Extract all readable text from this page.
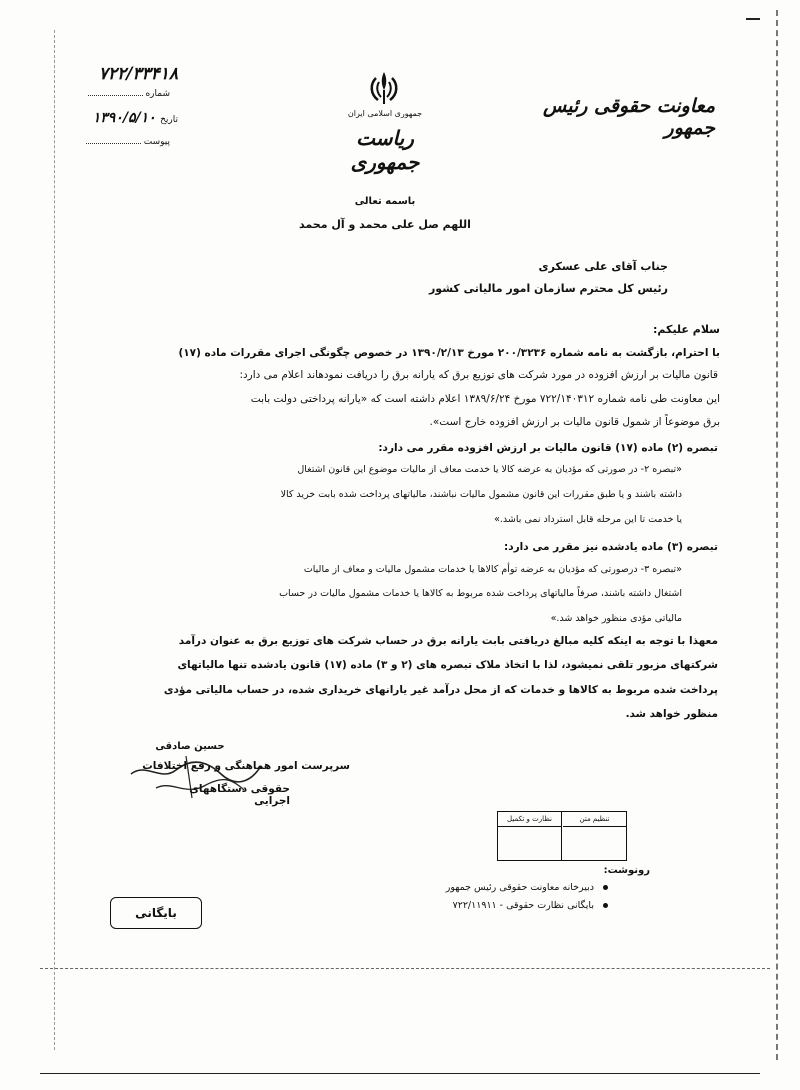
۷۲۲/۳۳۴۱۸
شماره
تاریخ ۱۳۹۰/۵/۱۰
پیوست
جمهوری اسلامی ایران
ریاست جمهوری
معاونت حقوقی رئیس جمهور
باسمه تعالی
اللهم صل علی محمد و آل محمد
جناب آقای علی عسکری
رئیس کل محترم سازمان امور مالیاتی کشور
سلام علیکم:
با احترام، بازگشت به نامه شماره ۲۰۰/۳۲۳۶ مورخ ۱۳۹۰/۲/۱۳ در خصوص چگونگی اجرای مقررات ماده (۱۷)
قانون مالیات بر ارزش افزوده در مورد شرکت های توزیع برق که یارانه برق را دریافت نمودهاند اعلام می دارد:
این معاونت طی نامه شماره ۷۲۲/۱۴۰۳۱۲ مورخ ۱۳۸۹/۶/۲۴ اعلام داشته است که «یارانه پرداختی دولت بابت
برق موضوعاً از شمول قانون مالیات بر ارزش افزوده خارج است».
تبصره (۲) ماده (۱۷) قانون مالیات بر ارزش افزوده مقرر می دارد:
«تبصره ۲- در صورتی که مؤدیان به عرضه کالا یا خدمت معاف از مالیات موضوع این قانون اشتغال
داشته باشند و یا طبق مقررات این قانون مشمول مالیات نباشند، مالیاتهای پرداخت شده بابت خرید کالا
یا خدمت تا این مرحله قابل استرداد نمی باشد.»
تبصره (۳) ماده یادشده نیز مقرر می دارد:
«تبصره ۳- درصورتی که مؤدیان به عرضه توأم کالاها یا خدمات مشمول مالیات و معاف از مالیات
اشتغال داشته باشند، صرفاً مالیاتهای پرداخت شده مربوط به کالاها یا خدمات مشمول مالیات در حساب
مالیاتی مؤدی منظور خواهد شد.»
معهذا با توجه به اینکه کلیه مبالغ دریافتی بابت یارانه برق در حساب شرکت های توزیع برق به عنوان درآمد
شرکتهای مزبور تلقی نمیشود، لذا با اتخاذ ملاک تبصره های (۲ و ۳) ماده (۱۷) قانون یادشده تنها مالیاتهای
پرداخت شده مربوط به کالاها و خدمات که از محل درآمد غیر یارانهای خریداری شده، در حساب مالیاتی مؤدی
منظور خواهد شد.
حسین صادقی
سرپرست امور هماهنگی و رفع اختلافات
حقوقی دستگاههای اجرایی
نظارت و تکمیل	تنظیم متن
رونوشت:
دبیرخانه معاونت حقوقی رئیس جمهور
بایگانی نظارت حقوقی - ۷۲۲/۱۱۹۱۱
بایگانی
